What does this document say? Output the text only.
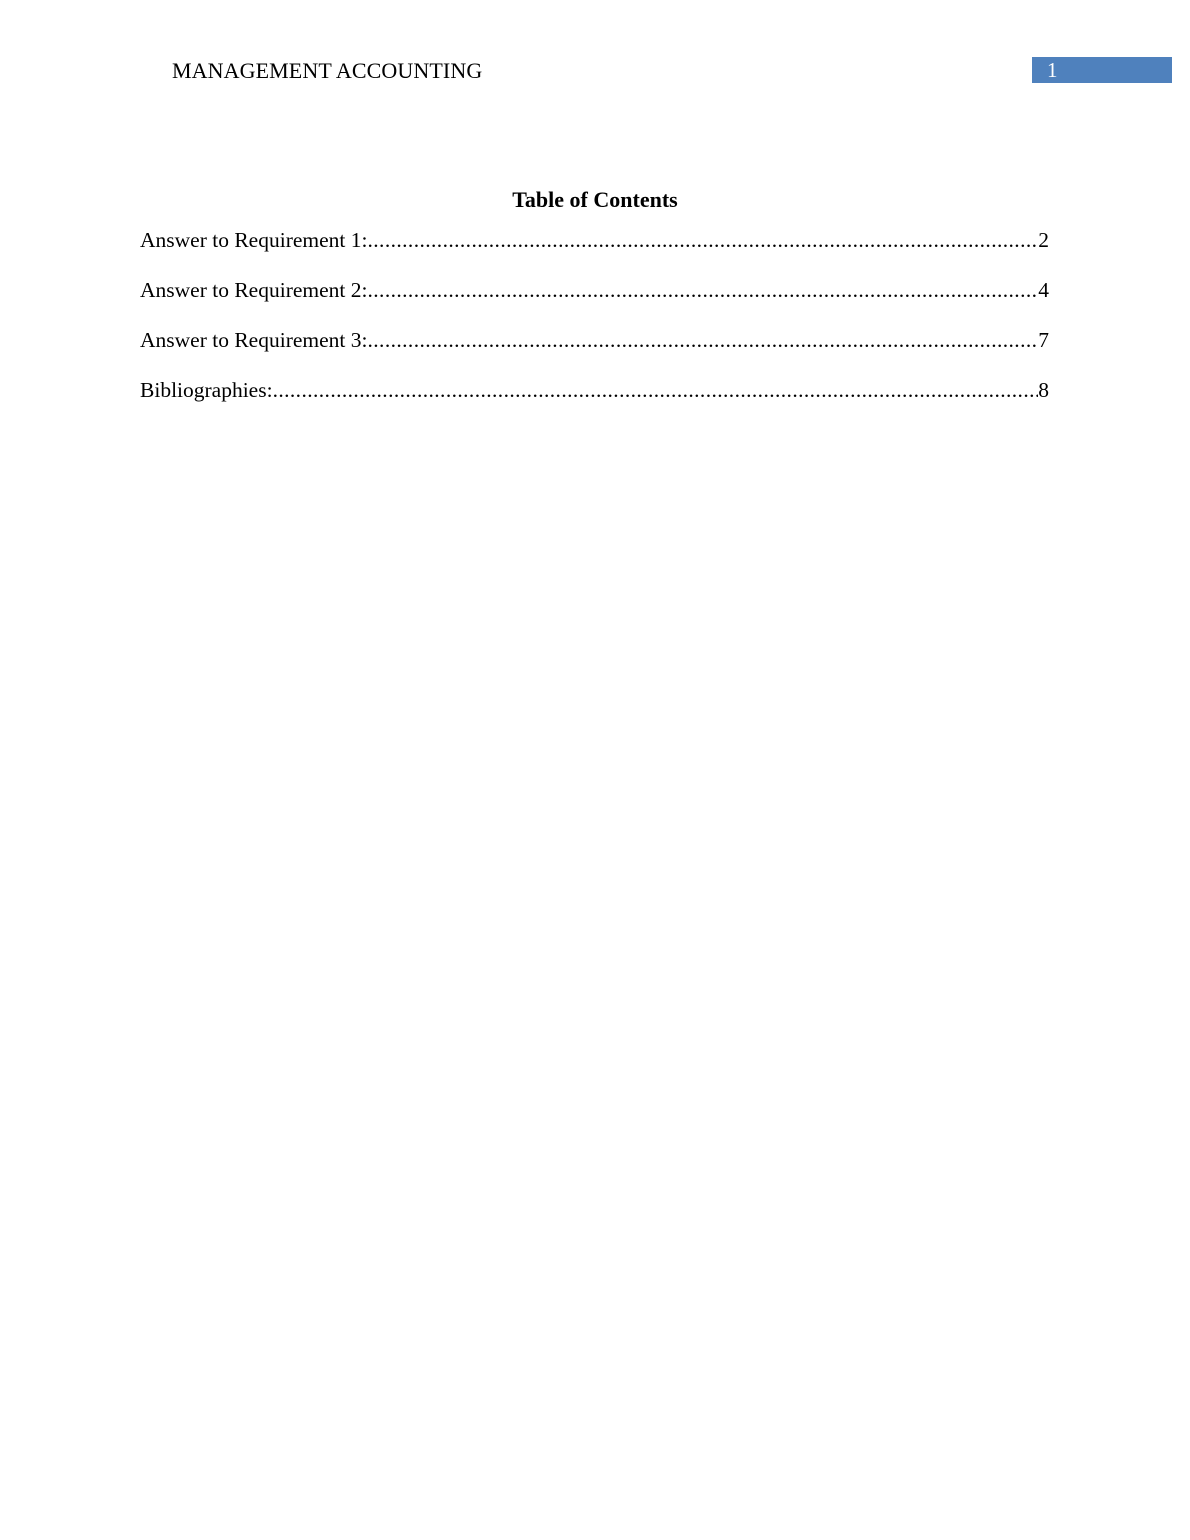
MANAGEMENT ACCOUNTING	1
Table of Contents
Answer to Requirement 1: .....	2
Answer to Requirement 2: .....	4
Answer to Requirement 3: .....	7
Bibliographies: .....	8
